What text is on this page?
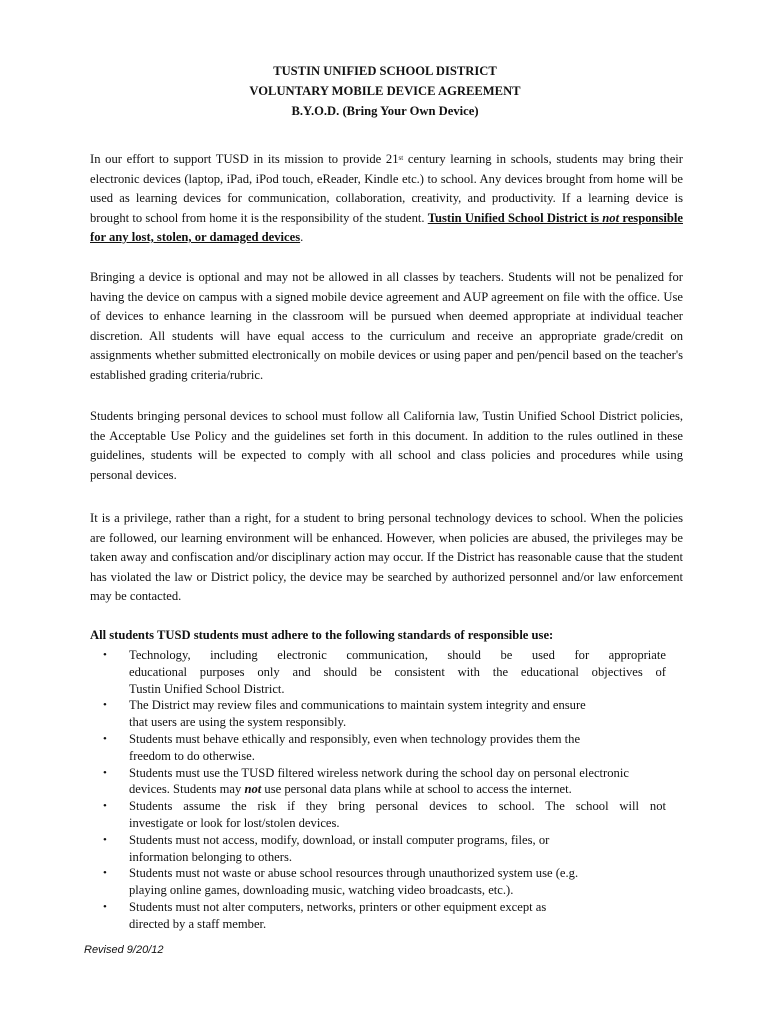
TUSTIN UNIFIED SCHOOL DISTRICT
VOLUNTARY MOBILE DEVICE AGREEMENT
B.Y.O.D. (Bring Your Own Device)
In our effort to support TUSD in its mission to provide 21st century learning in schools, students may bring their electronic devices (laptop, iPad, iPod touch, eReader, Kindle etc.) to school. Any devices brought from home will be used as learning devices for communication, collaboration, creativity, and productivity. If a learning device is brought to school from home it is the responsibility of the student. Tustin Unified School District is not responsible for any lost, stolen, or damaged devices.
Bringing a device is optional and may not be allowed in all classes by teachers. Students will not be penalized for having the device on campus with a signed mobile device agreement and AUP agreement on file with the office. Use of devices to enhance learning in the classroom will be pursued when deemed appropriate at individual teacher discretion. All students will have equal access to the curriculum and receive an appropriate grade/credit on assignments whether submitted electronically on mobile devices or using paper and pen/pencil based on the teacher's established grading criteria/rubric.
Students bringing personal devices to school must follow all California law, Tustin Unified School District policies, the Acceptable Use Policy and the guidelines set forth in this document. In addition to the rules outlined in these guidelines, students will be expected to comply with all school and class policies and procedures while using personal devices.
It is a privilege, rather than a right, for a student to bring personal technology devices to school. When the policies are followed, our learning environment will be enhanced. However, when policies are abused, the privileges may be taken away and confiscation and/or disciplinary action may occur. If the District has reasonable cause that the student has violated the law or District policy, the device may be searched by authorized personnel and/or law enforcement may be contacted.
All students TUSD students must adhere to the following standards of responsible use:
• Technology, including electronic communication, should be used for appropriate
educational purposes only and should be consistent with the educational objectives of
Tustin Unified School District.
• The District may review files and communications to maintain system integrity and ensure
that users are using the system responsibly.
• Students must behave ethically and responsibly, even when technology provides them the
freedom to do otherwise.
• Students must use the TUSD filtered wireless network during the school day on personal electronic
devices. Students may not use personal data plans while at school to access the internet.
• Students assume the risk if they bring personal devices to school. The school will not
investigate or look for lost/stolen devices.
• Students must not access, modify, download, or install computer programs, files, or
information belonging to others.
• Students must not waste or abuse school resources through unauthorized system use (e.g.
playing online games, downloading music, watching video broadcasts, etc.).
• Students must not alter computers, networks, printers or other equipment except as
directed by a staff member.
Revised 9/20/12
